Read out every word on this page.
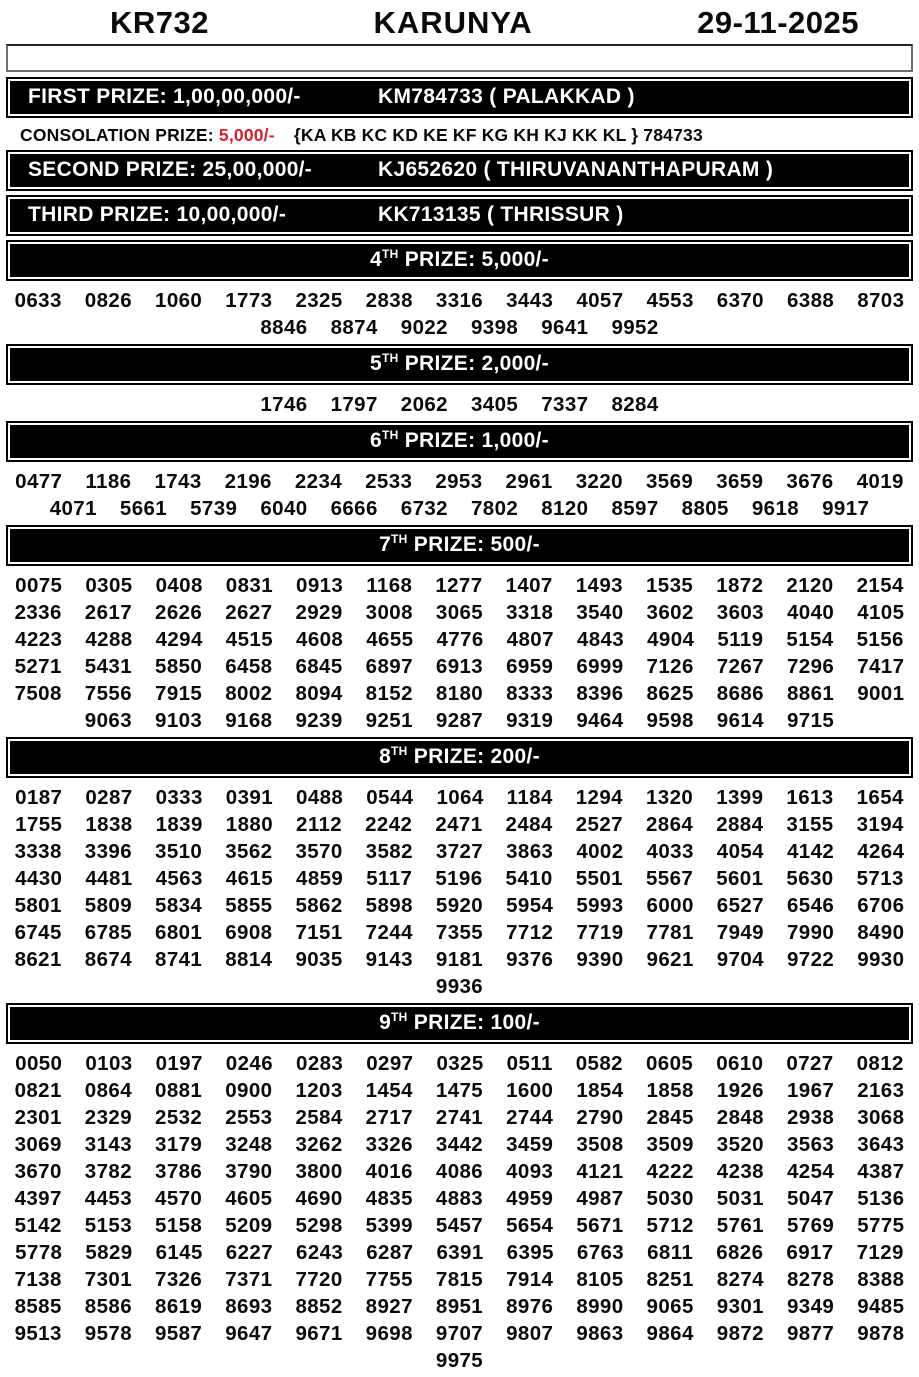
KR732	KARUNYA	29-11-2025
FIRST PRIZE: 1,00,00,000/-	KM784733 ( PALAKKAD )
CONSOLATION PRIZE: 5,000/- {KA KB KC KD KE KF KG KH KJ KK KL } 784733
SECOND PRIZE: 25,00,000/-	KJ652620 ( THIRUVANANTHAPURAM )
THIRD PRIZE: 10,00,000/-	KK713135 ( THRISSUR )
4TH PRIZE: 5,000/-
0633 0826 1060 1773 2325 2838 3316 3443 4057 4553 6370 6388 8703
8846 8874 9022 9398 9641 9952
5TH PRIZE: 2,000/-
1746 1797 2062 3405 7337 8284
6TH PRIZE: 1,000/-
0477 1186 1743 2196 2234 2533 2953 2961 3220 3569 3659 3676 4019
4071 5661 5739 6040 6666 6732 7802 8120 8597 8805 9618 9917
7TH PRIZE: 500/-
0075 0305 0408 0831 0913 1168 1277 1407 1493 1535 1872 2120 2154
2336 2617 2626 2627 2929 3008 3065 3318 3540 3602 3603 4040 4105
4223 4288 4294 4515 4608 4655 4776 4807 4843 4904 5119 5154 5156
5271 5431 5850 6458 6845 6897 6913 6959 6999 7126 7267 7296 7417
7508 7556 7915 8002 8094 8152 8180 8333 8396 8625 8686 8861 9001
9063 9103 9168 9239 9251 9287 9319 9464 9598 9614 9715
8TH PRIZE: 200/-
0187 0287 0333 0391 0488 0544 1064 1184 1294 1320 1399 1613 1654
1755 1838 1839 1880 2112 2242 2471 2484 2527 2864 2884 3155 3194
3338 3396 3510 3562 3570 3582 3727 3863 4002 4033 4054 4142 4264
4430 4481 4563 4615 4859 5117 5196 5410 5501 5567 5601 5630 5713
5801 5809 5834 5855 5862 5898 5920 5954 5993 6000 6527 6546 6706
6745 6785 6801 6908 7151 7244 7355 7712 7719 7781 7949 7990 8490
8621 8674 8741 8814 9035 9143 9181 9376 9390 9621 9704 9722 9930
9936
9TH PRIZE: 100/-
0050 0103 0197 0246 0283 0297 0325 0511 0582 0605 0610 0727 0812
0821 0864 0881 0900 1203 1454 1475 1600 1854 1858 1926 1967 2163
2301 2329 2532 2553 2584 2717 2741 2744 2790 2845 2848 2938 3068
3069 3143 3179 3248 3262 3326 3442 3459 3508 3509 3520 3563 3643
3670 3782 3786 3790 3800 4016 4086 4093 4121 4222 4238 4254 4387
4397 4453 4570 4605 4690 4835 4883 4959 4987 5030 5031 5047 5136
5142 5153 5158 5209 5298 5399 5457 5654 5671 5712 5761 5769 5775
5778 5829 6145 6227 6243 6287 6391 6395 6763 6811 6826 6917 7129
7138 7301 7326 7371 7720 7755 7815 7914 8105 8251 8274 8278 8388
8585 8586 8619 8693 8852 8927 8951 8976 8990 9065 9301 9349 9485
9513 9578 9587 9647 9671 9698 9707 9807 9863 9864 9872 9877 9878
9975
